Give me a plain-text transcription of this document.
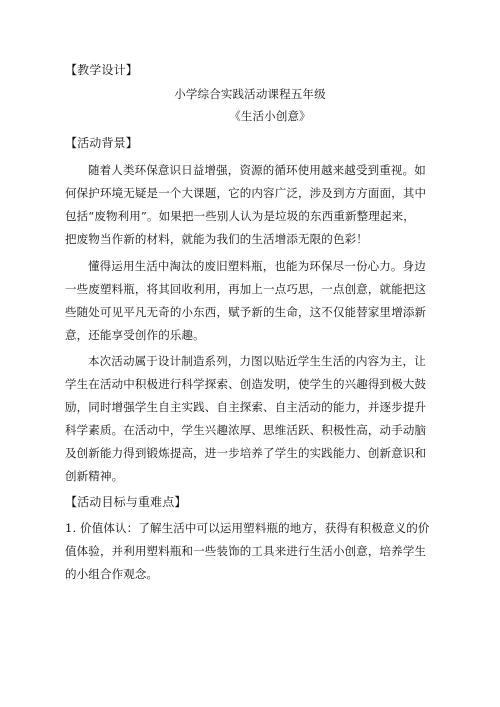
【教学设计】
小学综合实践活动课程五年级
《生活小创意》
【活动背景】
随着人类环保意识日益增强，资源的循环使用越来越受到重视。如
何保护环境无疑是一个大课题，它的内容广泛，涉及到方方面面，其中
包括“废物利用”。如果把一些别人认为是垃圾的东西重新整理起来，
把废物当作新的材料，就能为我们的生活增添无限的色彩！
懂得运用生活中淘汰的废旧塑料瓶，也能为环保尽一份心力。身边
一些废塑料瓶，将其回收利用，再加上一点巧思，一点创意，就能把这
些随处可见平凡无奇的小东西，赋予新的生命，这不仅能替家里增添新
意，还能享受创作的乐趣。
本次活动属于设计制造系列，力图以贴近学生生活的内容为主，让
学生在活动中积极进行科学探索、创造发明，使学生的兴趣得到极大鼓
励，同时增强学生自主实践、自主探索、自主活动的能力，并逐步提升
科学素质。在活动中，学生兴趣浓厚、思维活跃、积极性高，动手动脑
及创新能力得到锻炼提高，进一步培养了学生的实践能力、创新意识和
创新精神。
【活动目标与重难点】
1. 价值体认：了解生活中可以运用塑料瓶的地方，获得有积极意义的价
值体验，并利用塑料瓶和一些装饰的工具来进行生活小创意，培养学生
的小组合作观念。
